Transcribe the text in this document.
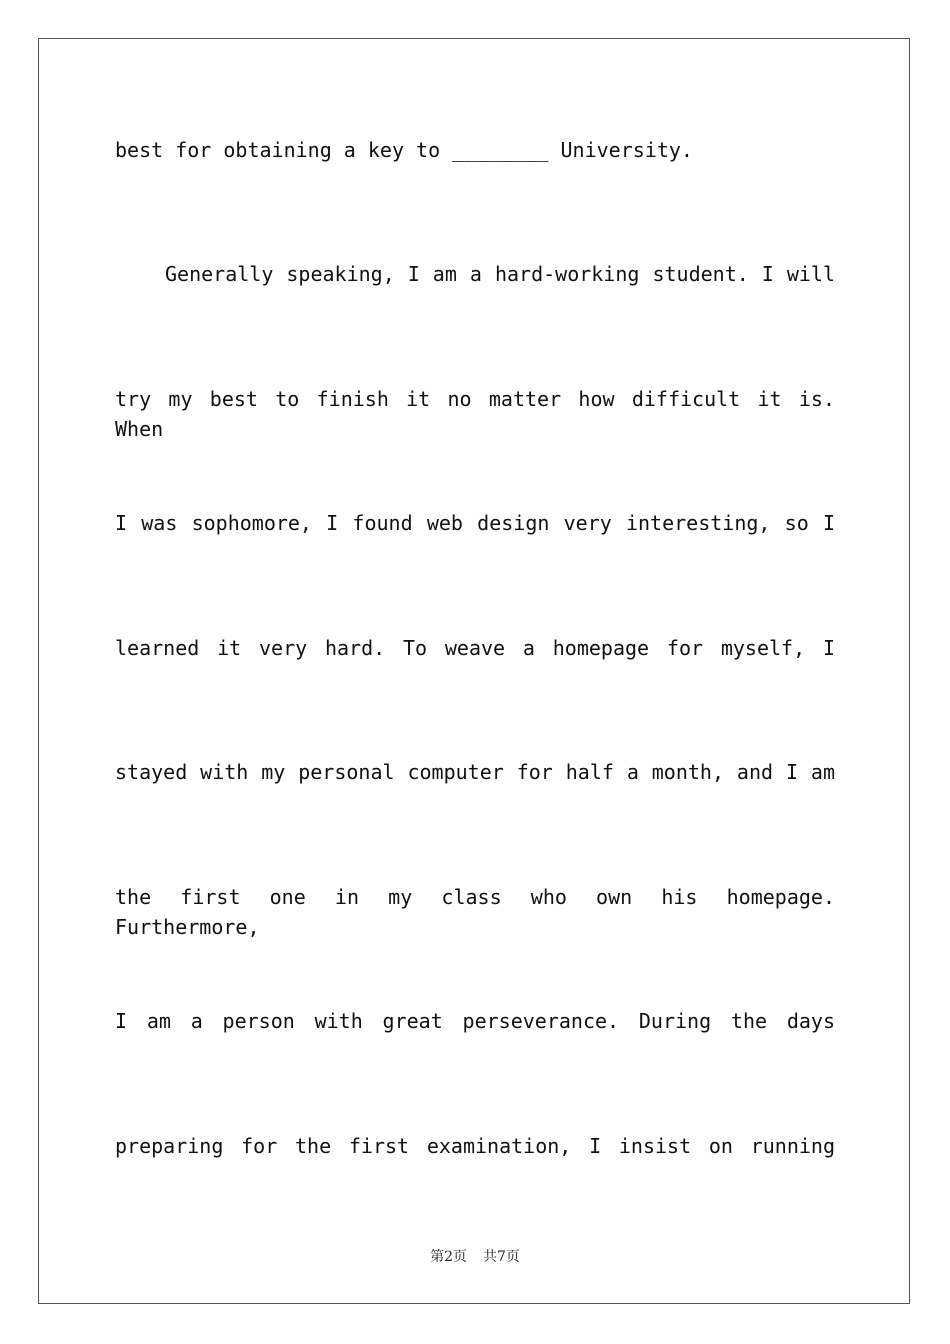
best for obtaining a key to ________ University.
Generally speaking, I am a hard-working student. I will
try my best to finish it no matter how difficult it is. When
I was sophomore, I found web design very interesting, so I
learned it very hard. To weave a homepage for myself, I
stayed with my personal computer for half a month, and I am
the first one in my class who own his homepage. Furthermore,
I am a person with great perseverance. During the days
preparing for the first examination, I insist on running
第2页 共7页
